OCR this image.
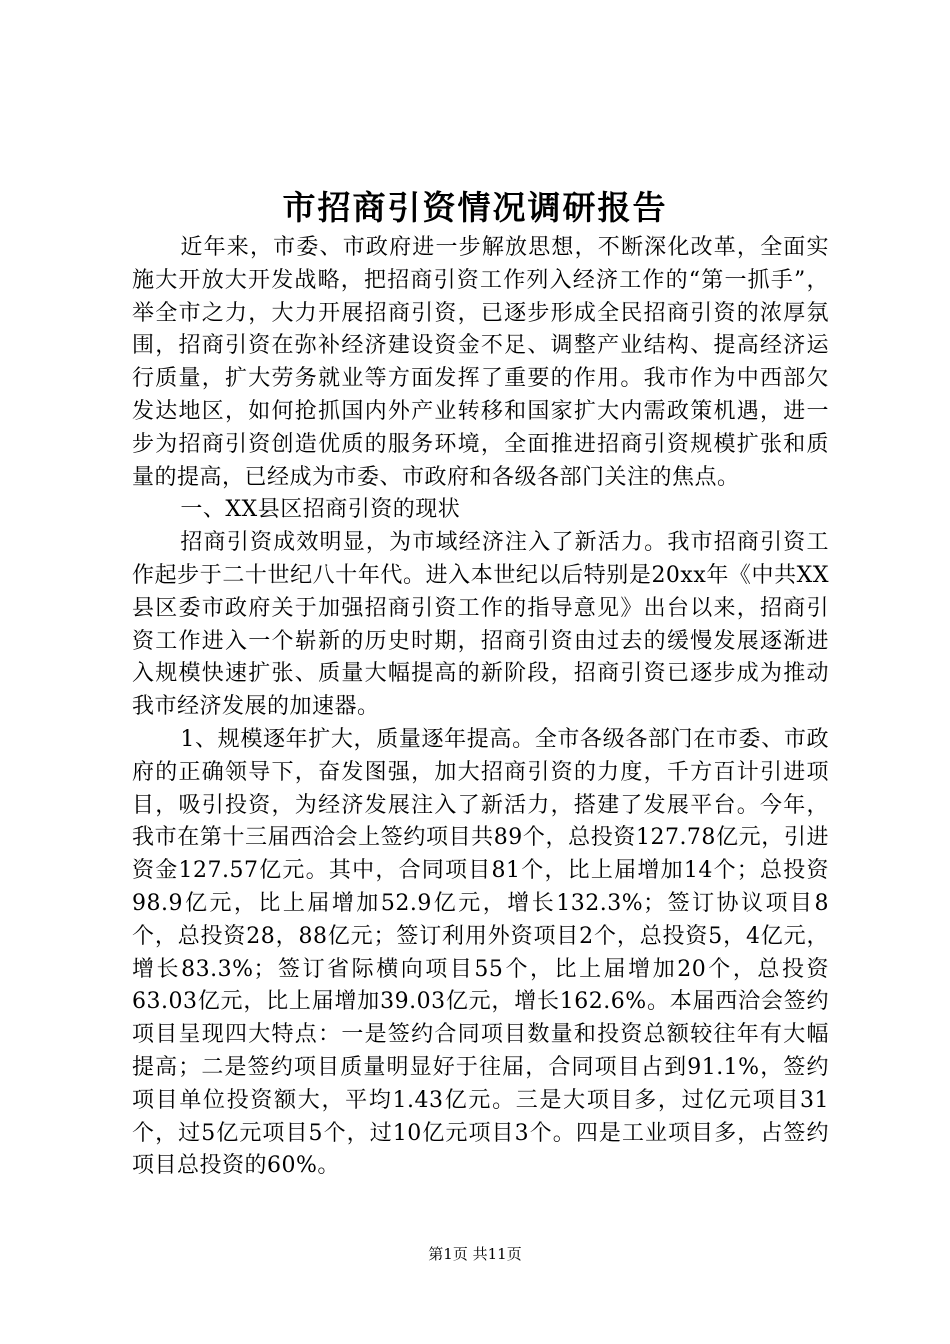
市招商引资情况调研报告

近年来，市委、市政府进一步解放思想，不断深化改革，全面实施大开放大开发战略，把招商引资工作列入经济工作的“第一抓手”，举全市之力，大力开展招商引资，已逐步形成全民招商引资的浓厚氛围，招商引资在弥补经济建设资金不足、调整产业结构、提高经济运行质量，扩大劳务就业等方面发挥了重要的作用。我市作为中西部欠发达地区，如何抢抓国内外产业转移和国家扩大内需政策机遇，进一步为招商引资创造优质的服务环境，全面推进招商引资规模扩张和质量的提高，已经成为市委、市政府和各级各部门关注的焦点。

一、XX县区招商引资的现状

招商引资成效明显，为市域经济注入了新活力。我市招商引资工作起步于二十世纪八十年代。进入本世纪以后特别是20xx年《中共XX县区委市政府关于加强招商引资工作的指导意见》出台以来，招商引资工作进入一个崭新的历史时期，招商引资由过去的缓慢发展逐渐进入规模快速扩张、质量大幅提高的新阶段，招商引资已逐步成为推动我市经济发展的加速器。

1、规模逐年扩大，质量逐年提高。全市各级各部门在市委、市政府的正确领导下，奋发图强，加大招商引资的力度，千方百计引进项目，吸引投资，为经济发展注入了新活力，搭建了发展平台。今年，我市在第十三届西洽会上签约项目共89个，总投资127.78亿元，引进资金127.57亿元。其中，合同项目81个，比上届增加14个；总投资98.9亿元，比上届增加52.9亿元，增长132.3%；签订协议项目8个，总投资28，88亿元；签订利用外资项目2个，总投资5，4亿元，增长83.3%；签订省际横向项目55个，比上届增加20个，总投资63.03亿元，比上届增加39.03亿元，增长162.6%。本届西洽会签约项目呈现四大特点：一是签约合同项目数量和投资总额较往年有大幅提高；二是签约项目质量明显好于往届，合同项目占到91.1%，签约项目单位投资额大，平均1.43亿元。三是大项目多，过亿元项目31个，过5亿元项目5个，过10亿元项目3个。四是工业项目多，占签约项目总投资的60%。

第1页 共11页
